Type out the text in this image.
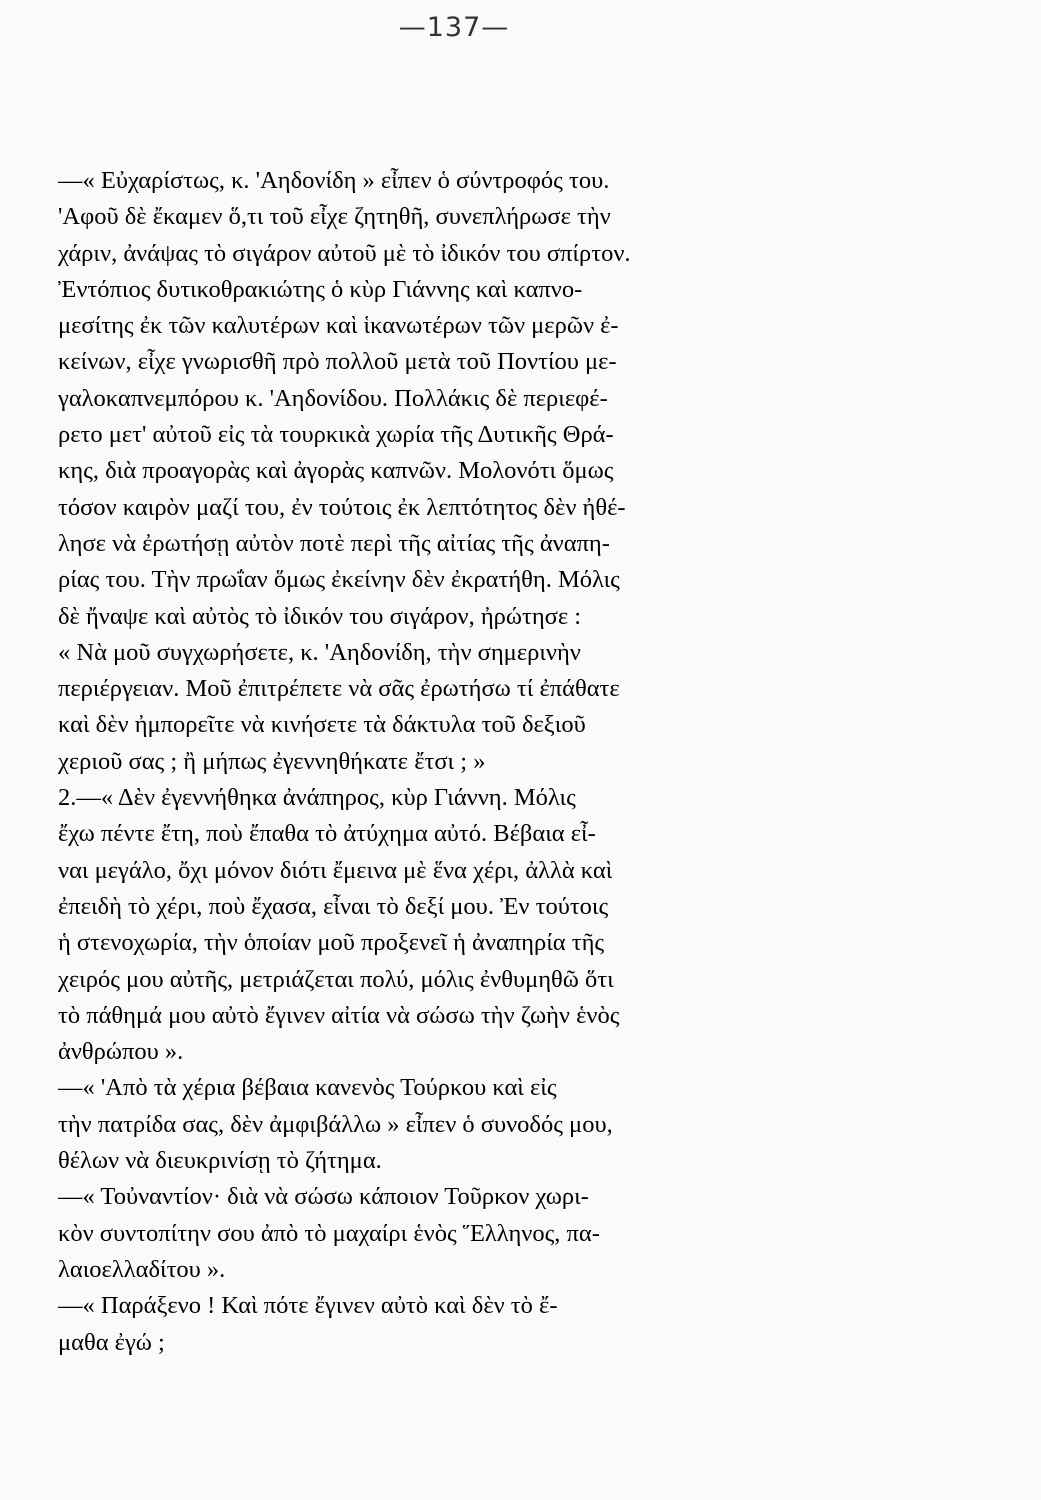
—137—
—« Εὐχαρίστως, κ. 'Αηδονίδη » εἶπεν ὁ σύντροφός του.
'Αφοῦ δὲ ἔκαμεν ὅ,τι τοῦ εἶχε ζητηθῆ, συνεπλήρωσε τὴν
χάριν, ἀνάψας τὸ σιγάρον αὐτοῦ μὲ τὸ ἰδικόν του σπίρτον.
Ἐντόπιος δυτικοθρακιώτης ὁ κὺρ Γιάννης καὶ καπνο-
μεσίτης ἐκ τῶν καλυτέρων καὶ ἱκανωτέρων τῶν μερῶν ἐ-
κείνων, εἶχε γνωρισθῆ πρὸ πολλοῦ μετὰ τοῦ Ποντίου με-
γαλοκαπνεμπόρου κ. 'Αηδονίδου. Πολλάκις δὲ περιεφέ-
ρετο μετ' αὐτοῦ εἰς τὰ τουρκικὰ χωρία τῆς Δυτικῆς Θρά-
κης, διὰ προαγορὰς καὶ ἀγορὰς καπνῶν. Μολονότι ὅμως
τόσον καιρὸν μαζί του, ἐν τούτοις ἐκ λεπτότητος δὲν ἠθέ-
λησε νὰ ἐρωτήσῃ αὐτὸν ποτὲ περὶ τῆς αἰτίας τῆς ἀναπη-
ρίας του. Τὴν πρωΐαν ὅμως ἐκείνην δὲν ἐκρατήθη. Μόλις
δὲ ἤναψε καὶ αὐτὸς τὸ ἰδικόν του σιγάρον, ἠρώτησε :
« Νὰ μοῦ συγχωρήσετε, κ. 'Αηδονίδη, τὴν σημερινὴν
περιέργειαν. Μοῦ ἐπιτρέπετε νὰ σᾶς ἐρωτήσω τί ἐπάθατε
καὶ δὲν ἠμπορεῖτε νὰ κινήσετε τὰ δάκτυλα τοῦ δεξιοῦ
χεριοῦ σας ; ἢ μήπως ἐγεννηθήκατε ἔτσι ; »
2.—« Δὲν ἐγεννήθηκα ἀνάπηρος, κὺρ Γιάννη. Μόλις
ἔχω πέντε ἔτη, ποὺ ἔπαθα τὸ ἀτύχημα αὐτό. Βέβαια εἶ-
ναι μεγάλο, ὄχι μόνον διότι ἔμεινα μὲ ἕνα χέρι, ἀλλὰ καὶ
ἐπειδὴ τὸ χέρι, ποὺ ἔχασα, εἶναι τὸ δεξί μου. Ἐν τούτοις
ἡ στενοχωρία, τὴν ὁποίαν μοῦ προξενεῖ ἡ ἀναπηρία τῆς
χειρός μου αὐτῆς, μετριάζεται πολύ, μόλις ἐνθυμηθῶ ὅτι
τὸ πάθημά μου αὐτὸ ἔγινεν αἰτία νὰ σώσω τὴν ζωὴν ἑνὸς
ἀνθρώπου ».
—« 'Απὸ τὰ χέρια βέβαια κανενὸς Τούρκου καὶ εἰς
τὴν πατρίδα σας, δὲν ἀμφιβάλλω » εἶπεν ὁ συνοδός μου,
θέλων νὰ διευκρινίσῃ τὸ ζήτημα.
—« Τοὐναντίον· διὰ νὰ σώσω κάποιον Τοῦρκον χωρι-
κὸν συντοπίτην σου ἀπὸ τὸ μαχαίρι ἑνὸς Ἕλληνος, πα-
λαιοελλαδίτου ».
—« Παράξενο ! Καὶ πότε ἔγινεν αὐτὸ καὶ δὲν τὸ ἔ-
μαθα ἐγώ ;
